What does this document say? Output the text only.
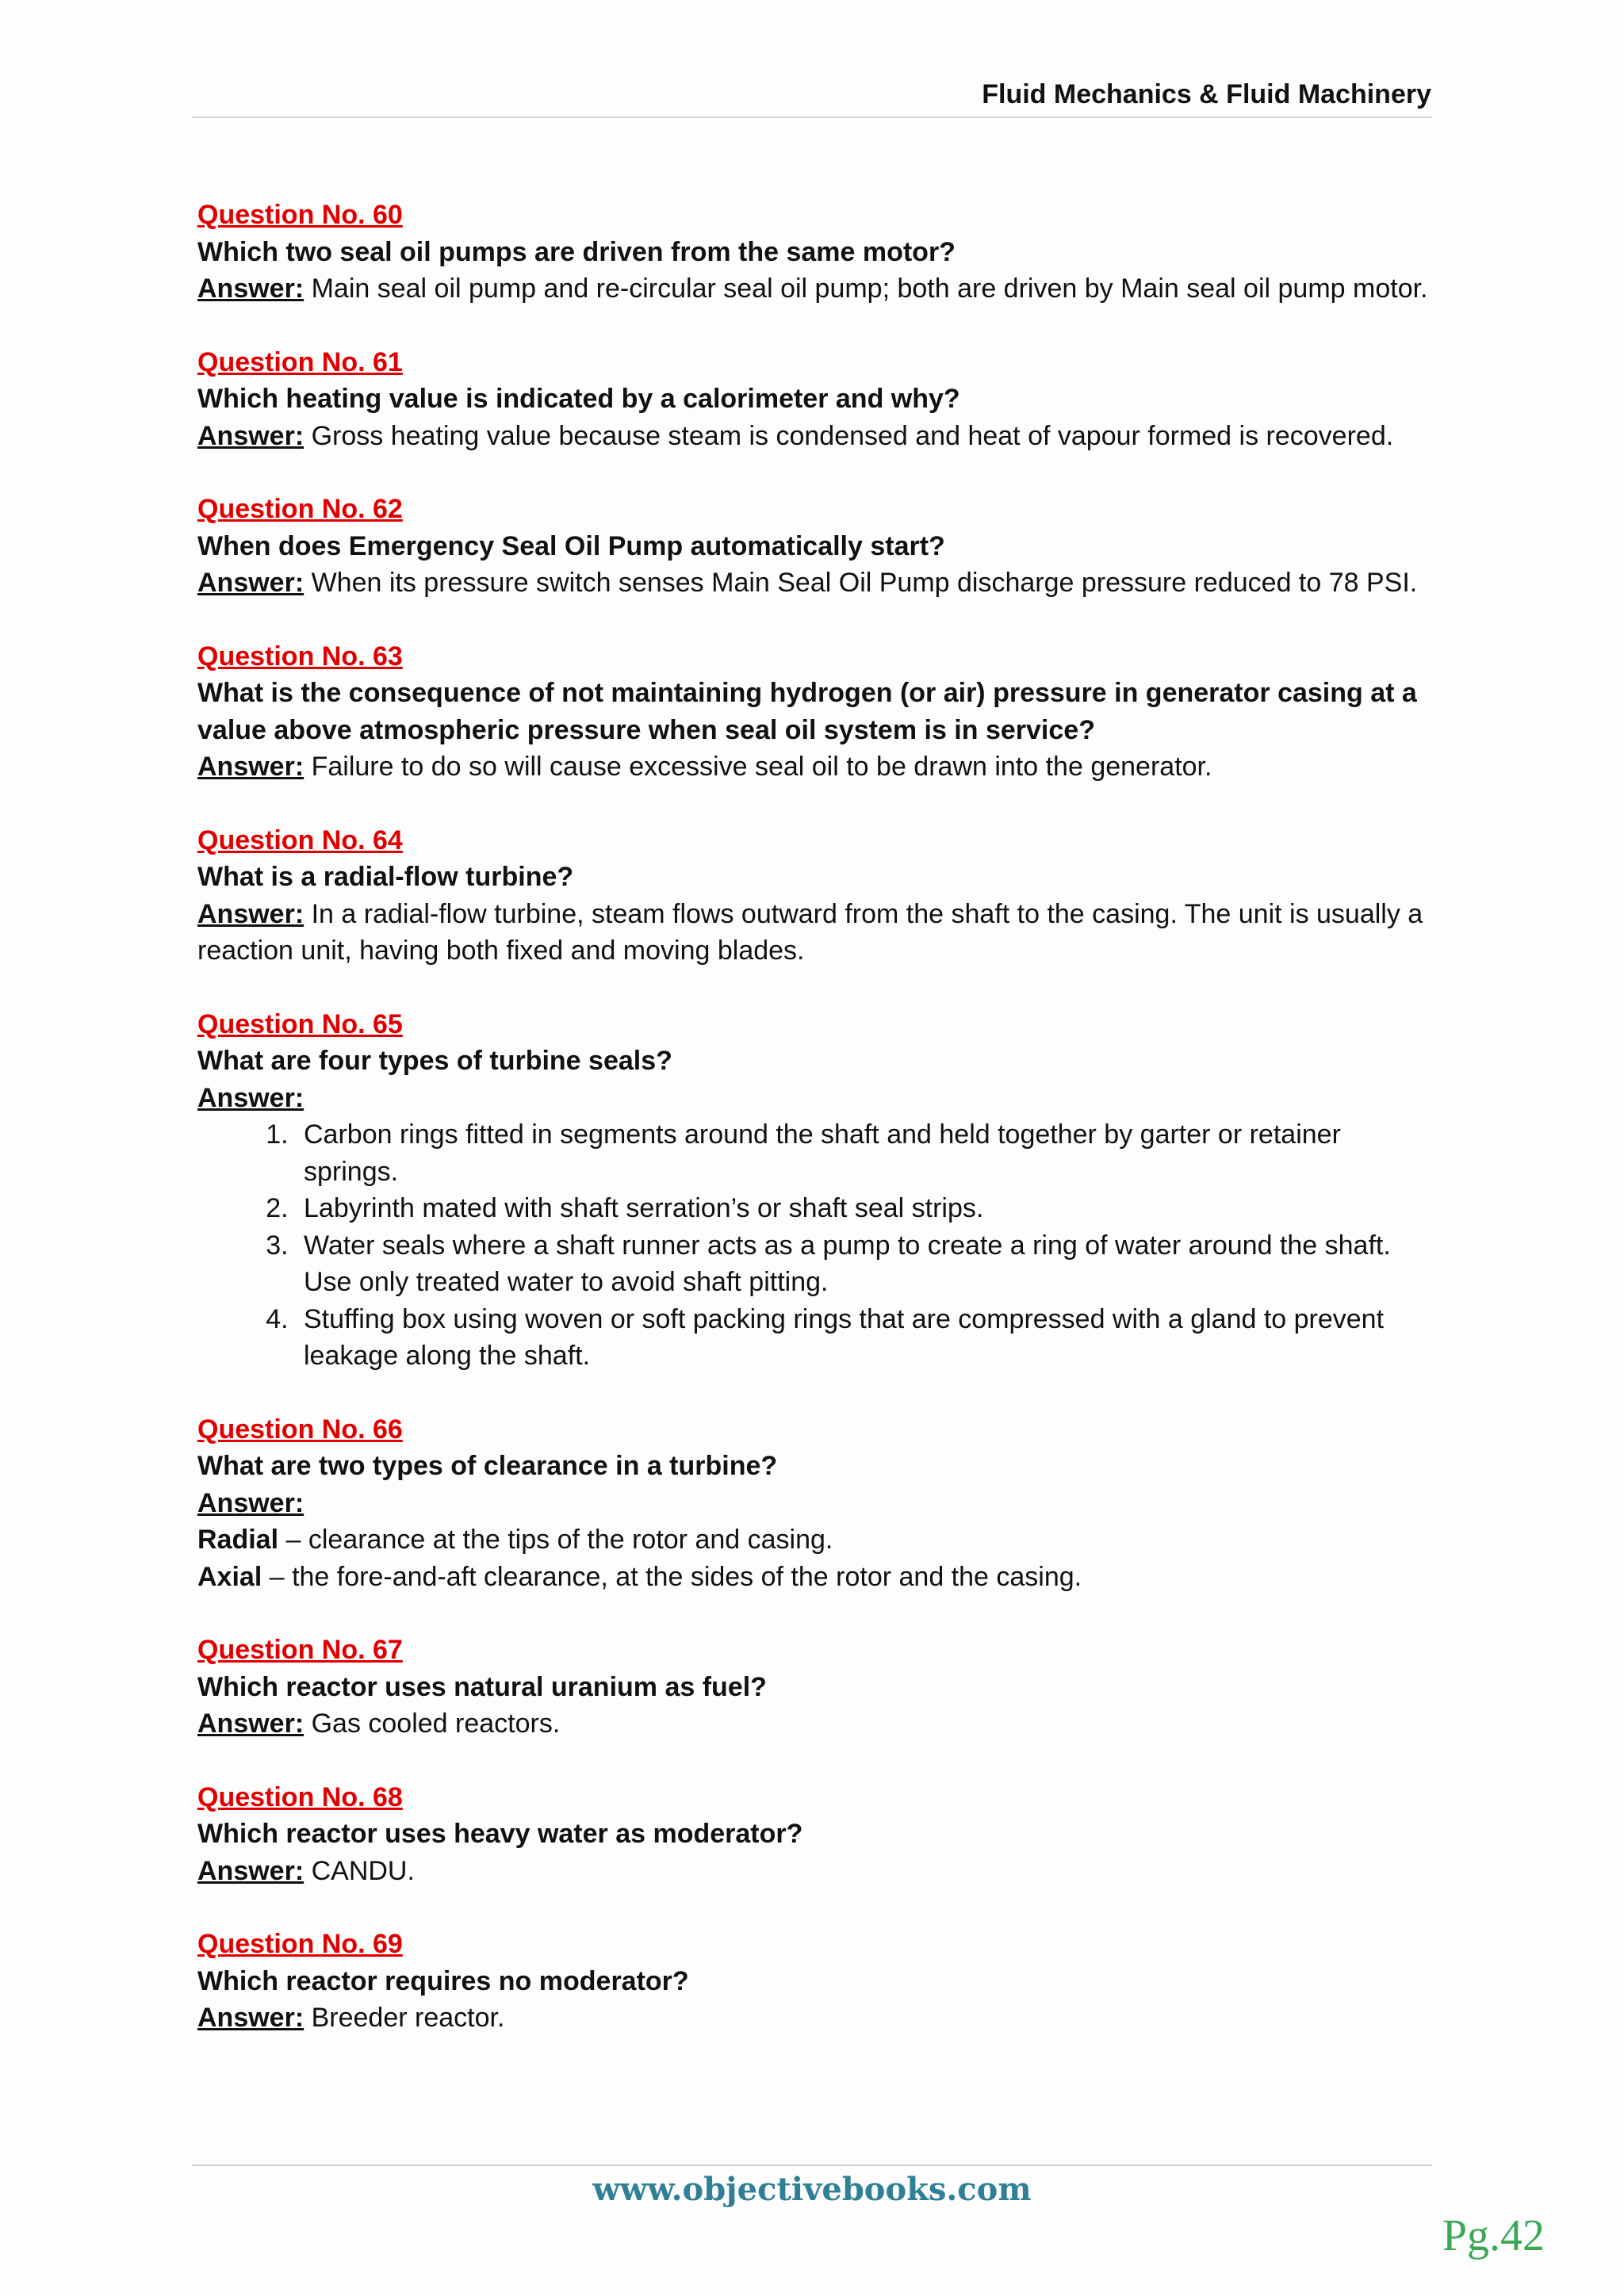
Fluid Mechanics & Fluid Machinery
Question No. 60
Which two seal oil pumps are driven from the same motor?
Answer: Main seal oil pump and re-circular seal oil pump; both are driven by Main seal oil pump motor.
Question No. 61
Which heating value is indicated by a calorimeter and why?
Answer: Gross heating value because steam is condensed and heat of vapour formed is recovered.
Question No. 62
When does Emergency Seal Oil Pump automatically start?
Answer: When its pressure switch senses Main Seal Oil Pump discharge pressure reduced to 78 PSI.
Question No. 63
What is the consequence of not maintaining hydrogen (or air) pressure in generator casing at a value above atmospheric pressure when seal oil system is in service?
Answer: Failure to do so will cause excessive seal oil to be drawn into the generator.
Question No. 64
What is a radial-flow turbine?
Answer: In a radial-flow turbine, steam flows outward from the shaft to the casing. The unit is usually a reaction unit, having both fixed and moving blades.
Question No. 65
What are four types of turbine seals?
Answer:
1. Carbon rings fitted in segments around the shaft and held together by garter or retainer springs.
2. Labyrinth mated with shaft serration’s or shaft seal strips.
3. Water seals where a shaft runner acts as a pump to create a ring of water around the shaft. Use only treated water to avoid shaft pitting.
4. Stuffing box using woven or soft packing rings that are compressed with a gland to prevent leakage along the shaft.
Question No. 66
What are two types of clearance in a turbine?
Answer:
Radial – clearance at the tips of the rotor and casing.
Axial – the fore-and-aft clearance, at the sides of the rotor and the casing.
Question No. 67
Which reactor uses natural uranium as fuel?
Answer: Gas cooled reactors.
Question No. 68
Which reactor uses heavy water as moderator?
Answer: CANDU.
Question No. 69
Which reactor requires no moderator?
Answer: Breeder reactor.
www.objectivebooks.com
Pg.42
